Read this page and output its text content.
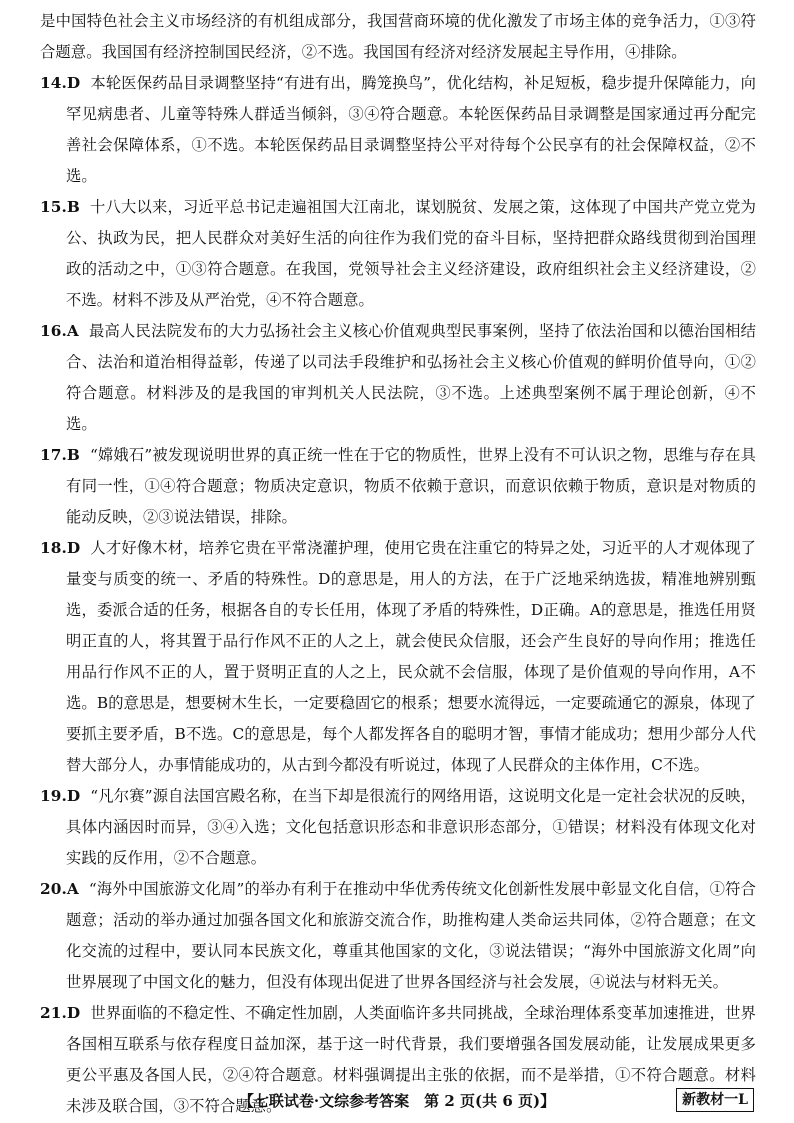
是中国特色社会主义市场经济的有机组成部分，我国营商环境的优化激发了市场主体的竞争活力，①③符合题意。我国国有经济控制国民经济，②不选。我国国有经济对经济发展起主导作用，④排除。

14.D 本轮医保药品目录调整坚持“有进有出，腾笼换鸟”，优化结构，补足短板，稳步提升保障能力，向罕见病患者、儿童等特殊人群适当倾斜，③④符合题意。本轮医保药品目录调整是国家通过再分配完善社会保障体系，①不选。本轮医保药品目录调整坚持公平对待每个公民享有的社会保障权益，②不选。

15.B 十八大以来，习近平总书记走遍祖国大江南北，谋划脱贫、发展之策，这体现了中国共产党立党为公、执政为民，把人民群众对美好生活的向往作为我们党的奋斗目标，坚持把群众路线贯彻到治国理政的活动之中，①③符合题意。在我国，党领导社会主义经济建设，政府组织社会主义经济建设，②不选。材料不涉及从严治党，④不符合题意。

16.A 最高人民法院发布的大力弘扬社会主义核心价值观典型民事案例，坚持了依法治国和以德治国相结合、法治和道治相得益彰，传递了以司法手段维护和弘扬社会主义核心价值观的鲜明价值导向，①②符合题意。材料涉及的是我国的审判机关人民法院，③不选。上述典型案例不属于理论创新，④不选。

17.B “嫦娥石”被发现说明世界的真正统一性在于它的物质性，世界上没有不可认识之物，思维与存在具有同一性，①④符合题意；物质决定意识，物质不依赖于意识，而意识依赖于物质，意识是对物质的能动反映，②③说法错误，排除。

18.D 人才好像木材，培养它贵在平常浇灌护理，使用它贵在注重它的特异之处，习近平的人才观体现了量变与质变的统一、矛盾的特殊性。D的意思是，用人的方法，在于广泛地采纳选拔，精准地辨别甄选，委派合适的任务，根据各自的专长任用，体现了矛盾的特殊性，D正确。A的意思是，推选任用贤明正直的人，将其置于品行作风不正的人之上，就会使民众信服，还会产生良好的导向作用；推选任用品行作风不正的人，置于贤明正直的人之上，民众就不会信服，体现了是价值观的导向作用，A不选。B的意思是，想要树木生长，一定要稳固它的根系；想要水流得远，一定要疏通它的源泉，体现了要抓主要矛盾，B不选。C的意思是，每个人都发挥各自的聪明才智，事情才能成功；想用少部分人代替大部分人，办事情能成功的，从古到今都没有听说过，体现了人民群众的主体作用，C不选。

19.D “凡尔赛”源自法国宫殿名称，在当下却是很流行的网络用语，这说明文化是一定社会状况的反映，具体内涵因时而异，③④入选；文化包括意识形态和非意识形态部分，①错误；材料没有体现文化对实践的反作用，②不合题意。

20.A “海外中国旅游文化周”的举办有利于在推动中华优秀传统文化创新性发展中彰显文化自信，①符合题意；活动的举办通过加强各国文化和旅游交流合作，助推构建人类命运共同体，②符合题意；在文化交流的过程中，要认同本民族文化，尊重其他国家的文化，③说法错误；“海外中国旅游文化周”向世界展现了中国文化的魅力，但没有体现出促进了世界各国经济与社会发展，④说法与材料无关。

21.D 世界面临的不稳定性、不确定性加剧，人类面临许多共同挑战，全球治理体系变革加速推进，世界各国相互联系与依存程度日益加深，基于这一时代背景，我们要增强各国发展动能，让发展成果更多更公平惠及各国人民，②④符合题意。材料强调提出主张的依据，而不是举措，①不符合题意。材料未涉及联合国，③不符合题意。

【七联试卷·文综参考答案　第 2 页(共 6 页)】	新教材一L
